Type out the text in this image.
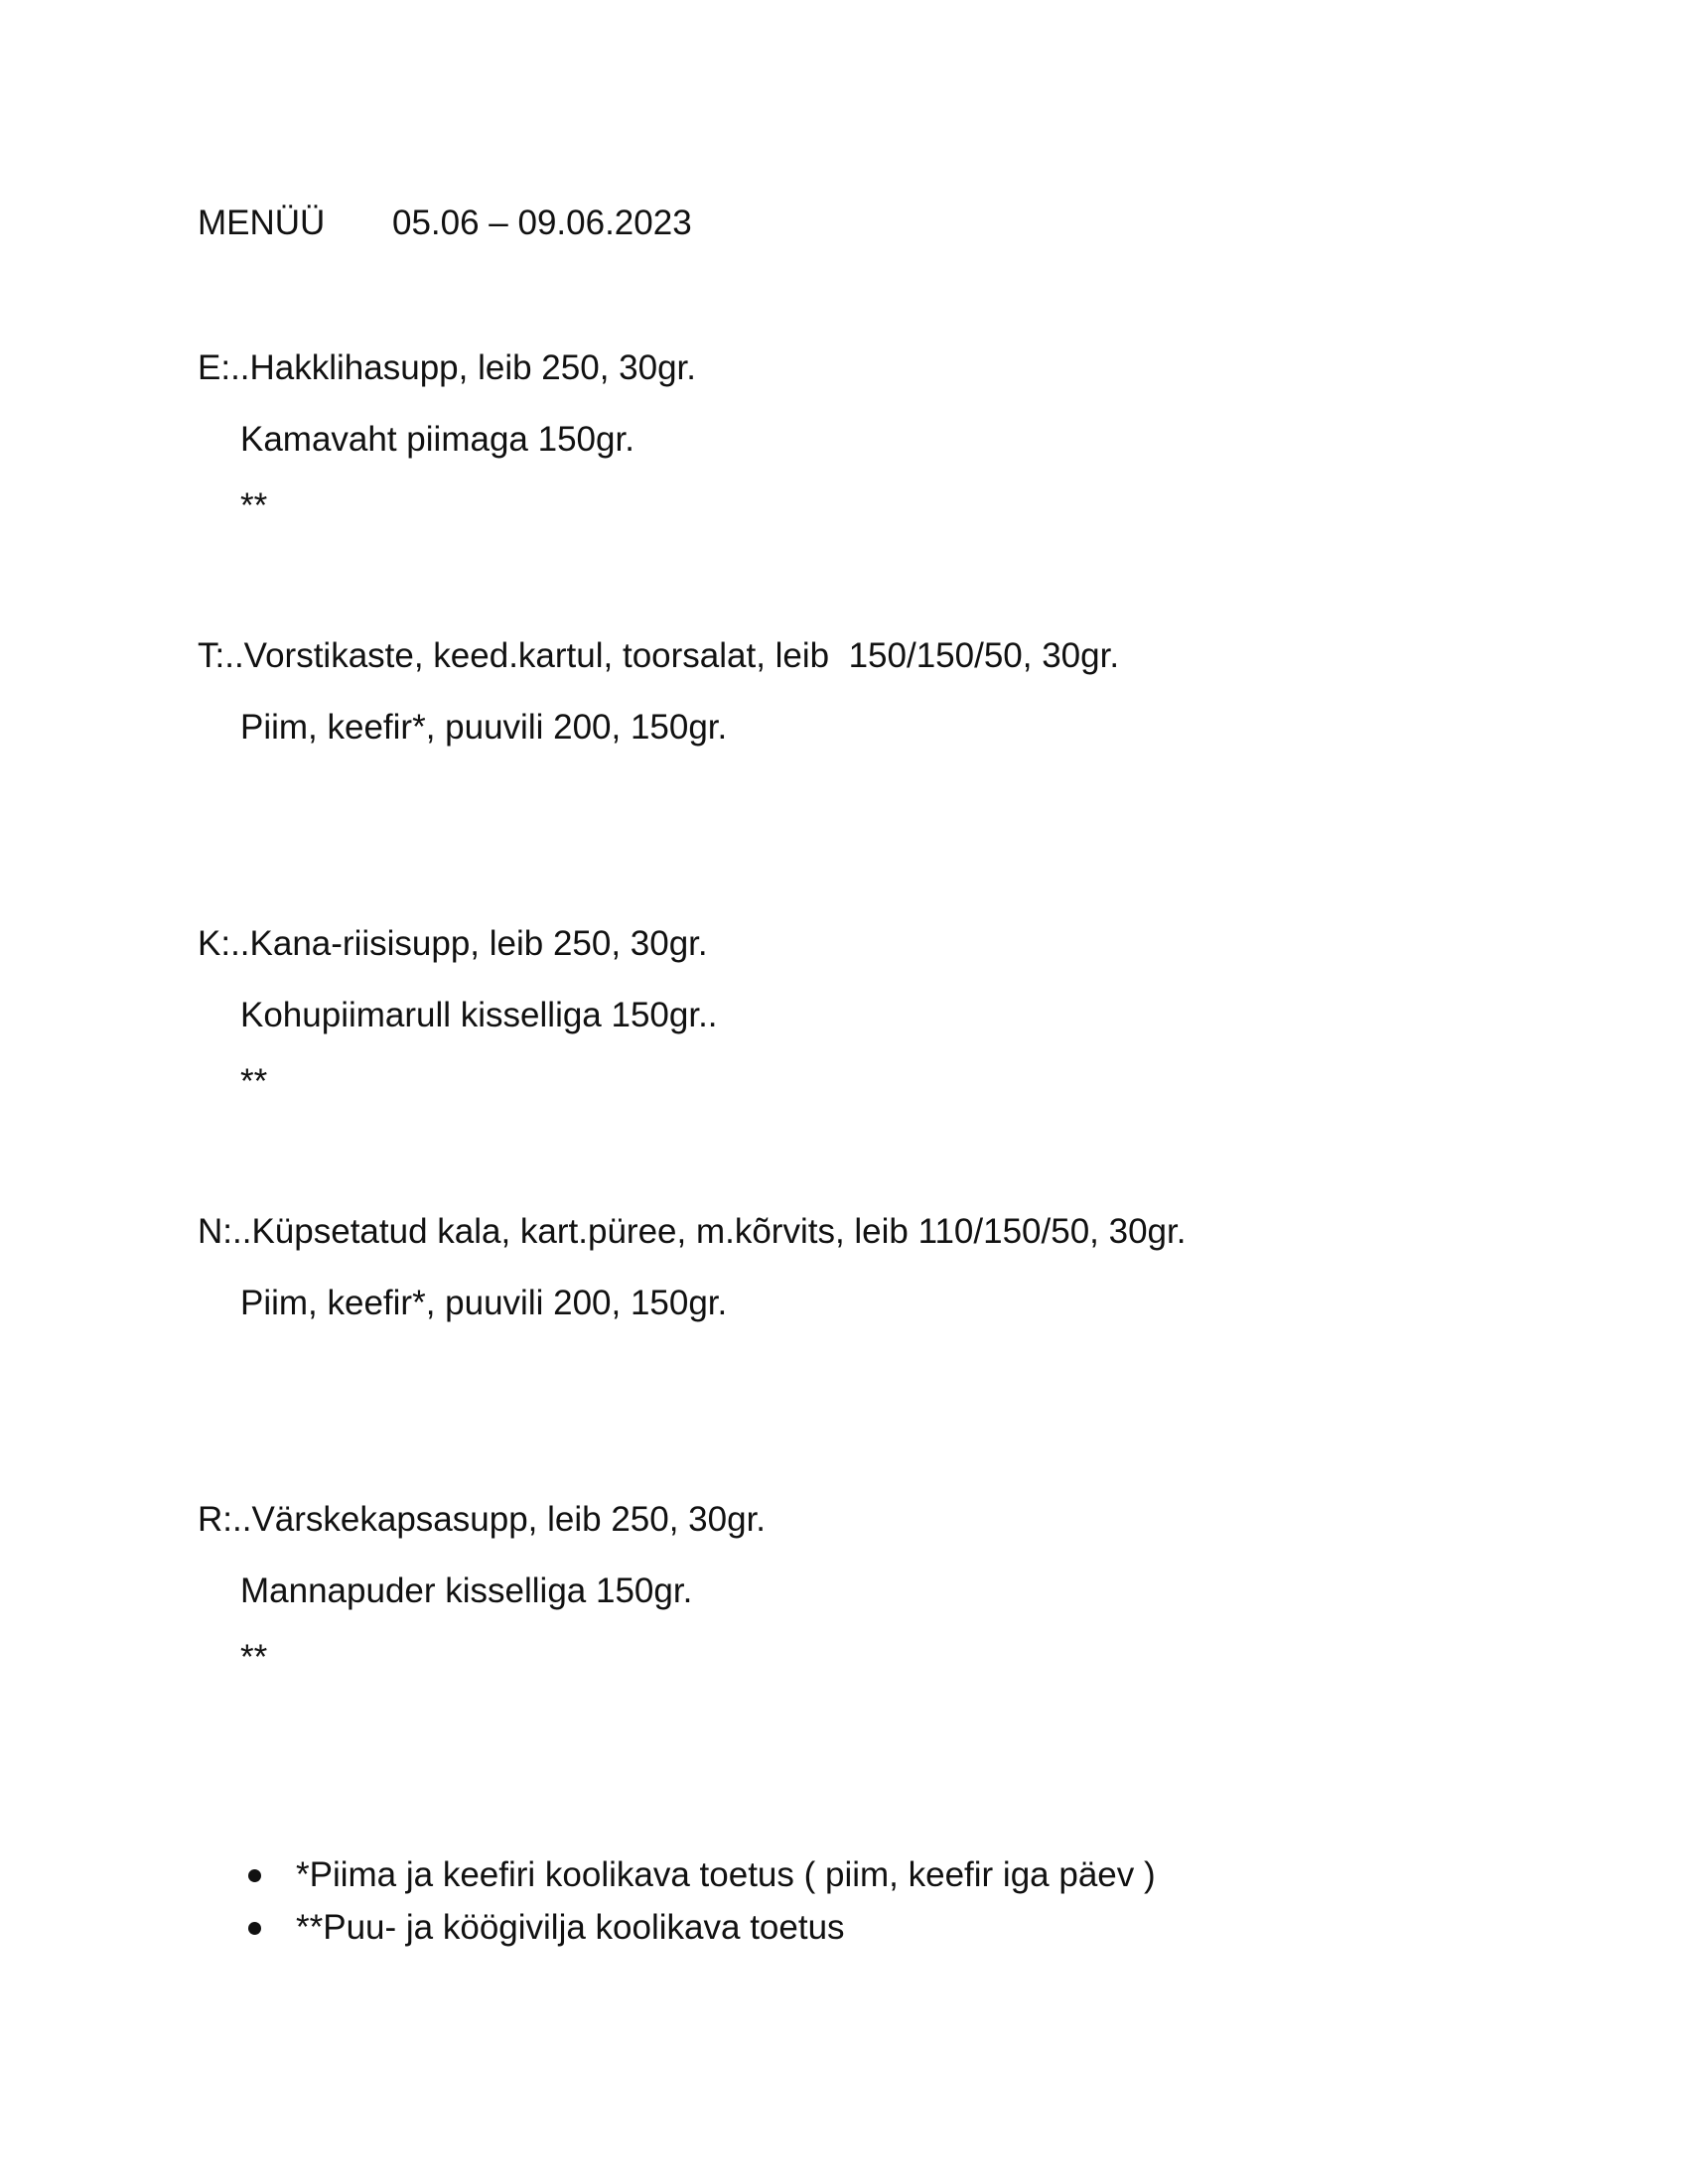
MENÜÜ 05.06 – 09.06.2023
E:..Hakklihasupp, leib 250, 30gr.
Kamavaht piimaga 150gr.
**
T:..Vorstikaste, keed.kartul, toorsalat, leib  150/150/50, 30gr.
Piim, keefir*, puuvili 200, 150gr.
K:..Kana-riisisupp, leib 250, 30gr.
Kohupiimarull kisselliga 150gr..
**
N:..Küpsetatud kala, kart.püree, m.kõrvits, leib 110/150/50, 30gr.
Piim, keefir*, puuvili 200, 150gr.
R:..Värskekapsasupp, leib 250, 30gr.
Mannapuder kisselliga 150gr.
**
*Piima ja keefiri koolikava toetus ( piim, keefir iga päev )
**Puu- ja köögivilja koolikava toetus
